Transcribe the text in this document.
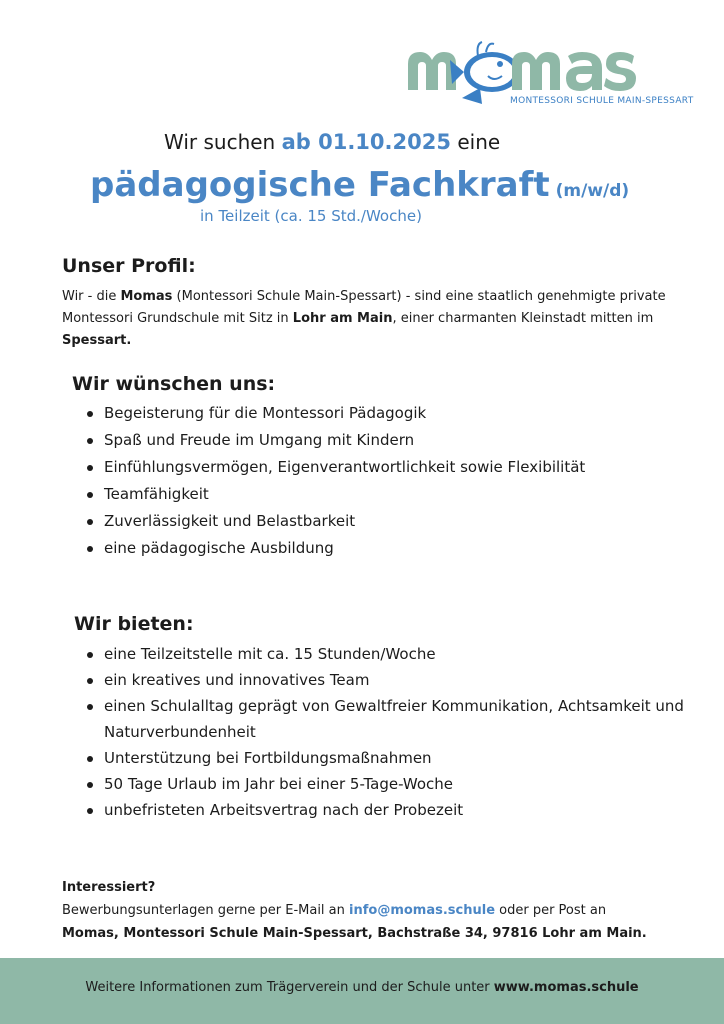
MONTESSORI SCHULE MAIN-SPESSART
Wir suchen ab 01.10.2025 eine
pädagogische Fachkraft (m/w/d)
in Teilzeit (ca. 15 Std./Woche)
Unser Profil:
Wir - die Momas (Montessori Schule Main-Spessart) - sind eine staatlich genehmigte private Montessori Grundschule mit Sitz in Lohr am Main, einer charmanten Kleinstadt mitten im Spessart.
Wir wünschen uns:
Begeisterung für die Montessori Pädagogik
Spaß und Freude im Umgang mit Kindern
Einfühlungsvermögen, Eigenverantwortlichkeit sowie Flexibilität
Teamfähigkeit
Zuverlässigkeit und Belastbarkeit
eine pädagogische Ausbildung
Wir bieten:
eine Teilzeitstelle mit ca. 15 Stunden/Woche
ein kreatives und innovatives Team
einen Schulalltag geprägt von Gewaltfreier Kommunikation, Achtsamkeit und Naturverbundenheit
Unterstützung bei Fortbildungsmaßnahmen
50 Tage Urlaub im Jahr bei einer 5-Tage-Woche
unbefristeten Arbeitsvertrag nach der Probezeit
Interessiert?
Bewerbungsunterlagen gerne per E-Mail an info@momas.schule oder per Post an
Momas, Montessori Schule Main-Spessart, Bachstraße 34, 97816 Lohr am Main.
Weitere Informationen zum Trägerverein und der Schule unter www.momas.schule
